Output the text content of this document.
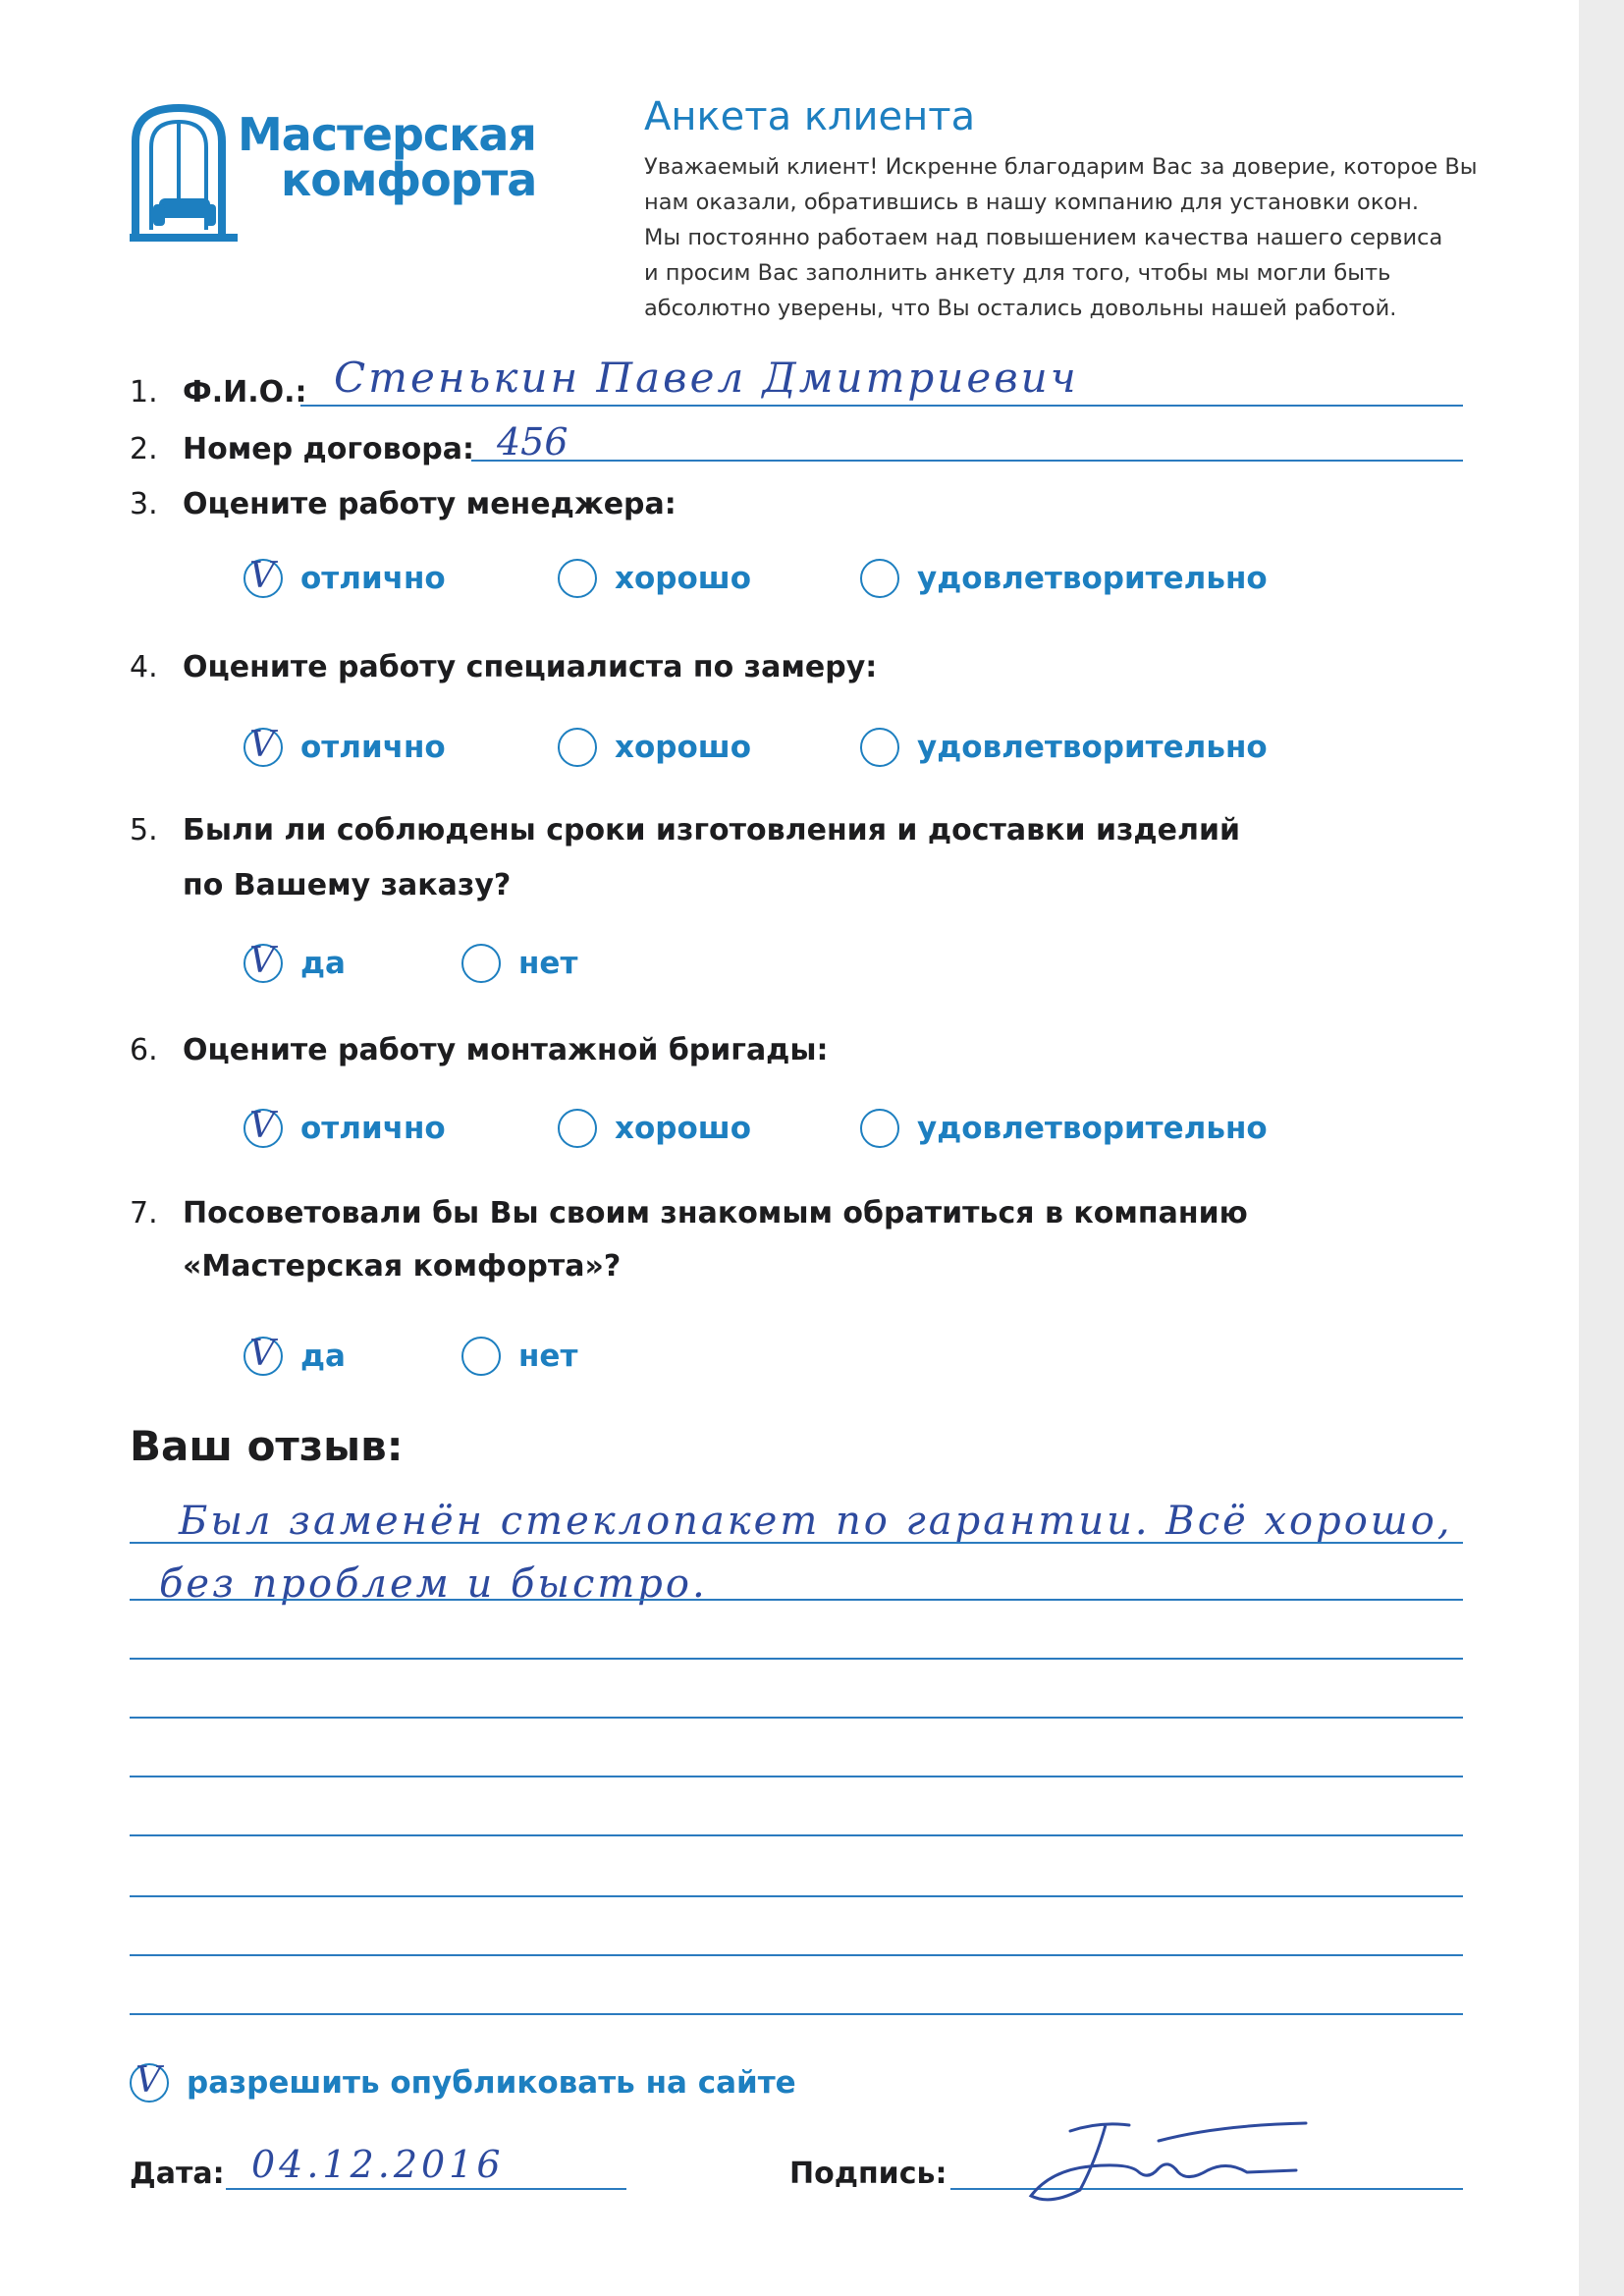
Мастерская
комфорта
Анкета клиента
Уважаемый клиент! Искренне благодарим Вас за доверие, которое Вы
нам оказали, обратившись в нашу компанию для установки окон.
Мы постоянно работаем над повышением качества нашего сервиса
и просим Вас заполнить анкету для того, чтобы мы могли быть
абсолютно уверены, что Вы остались довольны нашей работой.
1. Ф.И.О.: Стенькин Павел Дмитриевич
2. Номер договора: 456
3. Оцените работу менеджера:
V отлично	хорошо	удовлетворительно
4. Оцените работу специалиста по замеру:
V отлично	хорошо	удовлетворительно
5. Были ли соблюдены сроки изготовления и доставки изделий
по Вашему заказу?
V да	нет
6. Оцените работу монтажной бригады:
V отлично	хорошо	удовлетворительно
7. Посоветовали бы Вы своим знакомым обратиться в компанию
«Мастерская комфорта»?
V да	нет
Ваш отзыв:
Был заменён стеклопакет по гарантии. Всё хорошо,
без проблем и быстро.
V разрешить опубликовать на сайте
Дата: 04.12.2016	Подпись:
